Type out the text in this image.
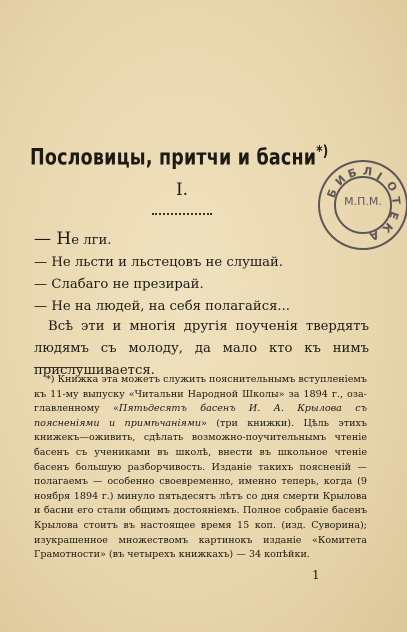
Пословицы, притчи и басни*)
I.
— Не лги.
— Не льсти и льстецовъ не слушай.
— Слабаго не презирай.
— Не на людей, на себя полагайся...
Всѣ эти и многiя другiя поученiя твердятъ людямъ съ молоду, да мало кто къ нимъ прислушивается.
*) Книжка эта можетъ служить пояснительнымъ вступленiемъ къ 11-му выпуску «Читальни Народной Школы» за 1894 г., озаглавленному «Пятьдесятъ басенъ И. А. Крылова съ поясненiями и примѣчанiями» (три книжки). Цѣль этихъ книжекъ—оживить, сдѣлать возможно-поучительнымъ чтенiе басенъ съ учениками въ школѣ, внести въ школьное чтенiе басенъ большую разборчивость. Изданiе такихъ поясненiй — полагаемъ — особенно своевременно, именно теперь, когда (9 ноября 1894 г.) минуло пятьдесятъ лѣтъ со дня смерти Крылова и басни его стали общимъ достоянiемъ. Полное собранiе басенъ Крылова стоитъ въ настоящее время 15 коп. (изд. Суворина); изукрашенное множествомъ картинокъ изданiе «Комитета Грамотности» (въ четырехъ книжкахъ) — 34 копѣйки.
1
М.П.М.
Б
И
Б Л I
О
Т
Е
К
А
